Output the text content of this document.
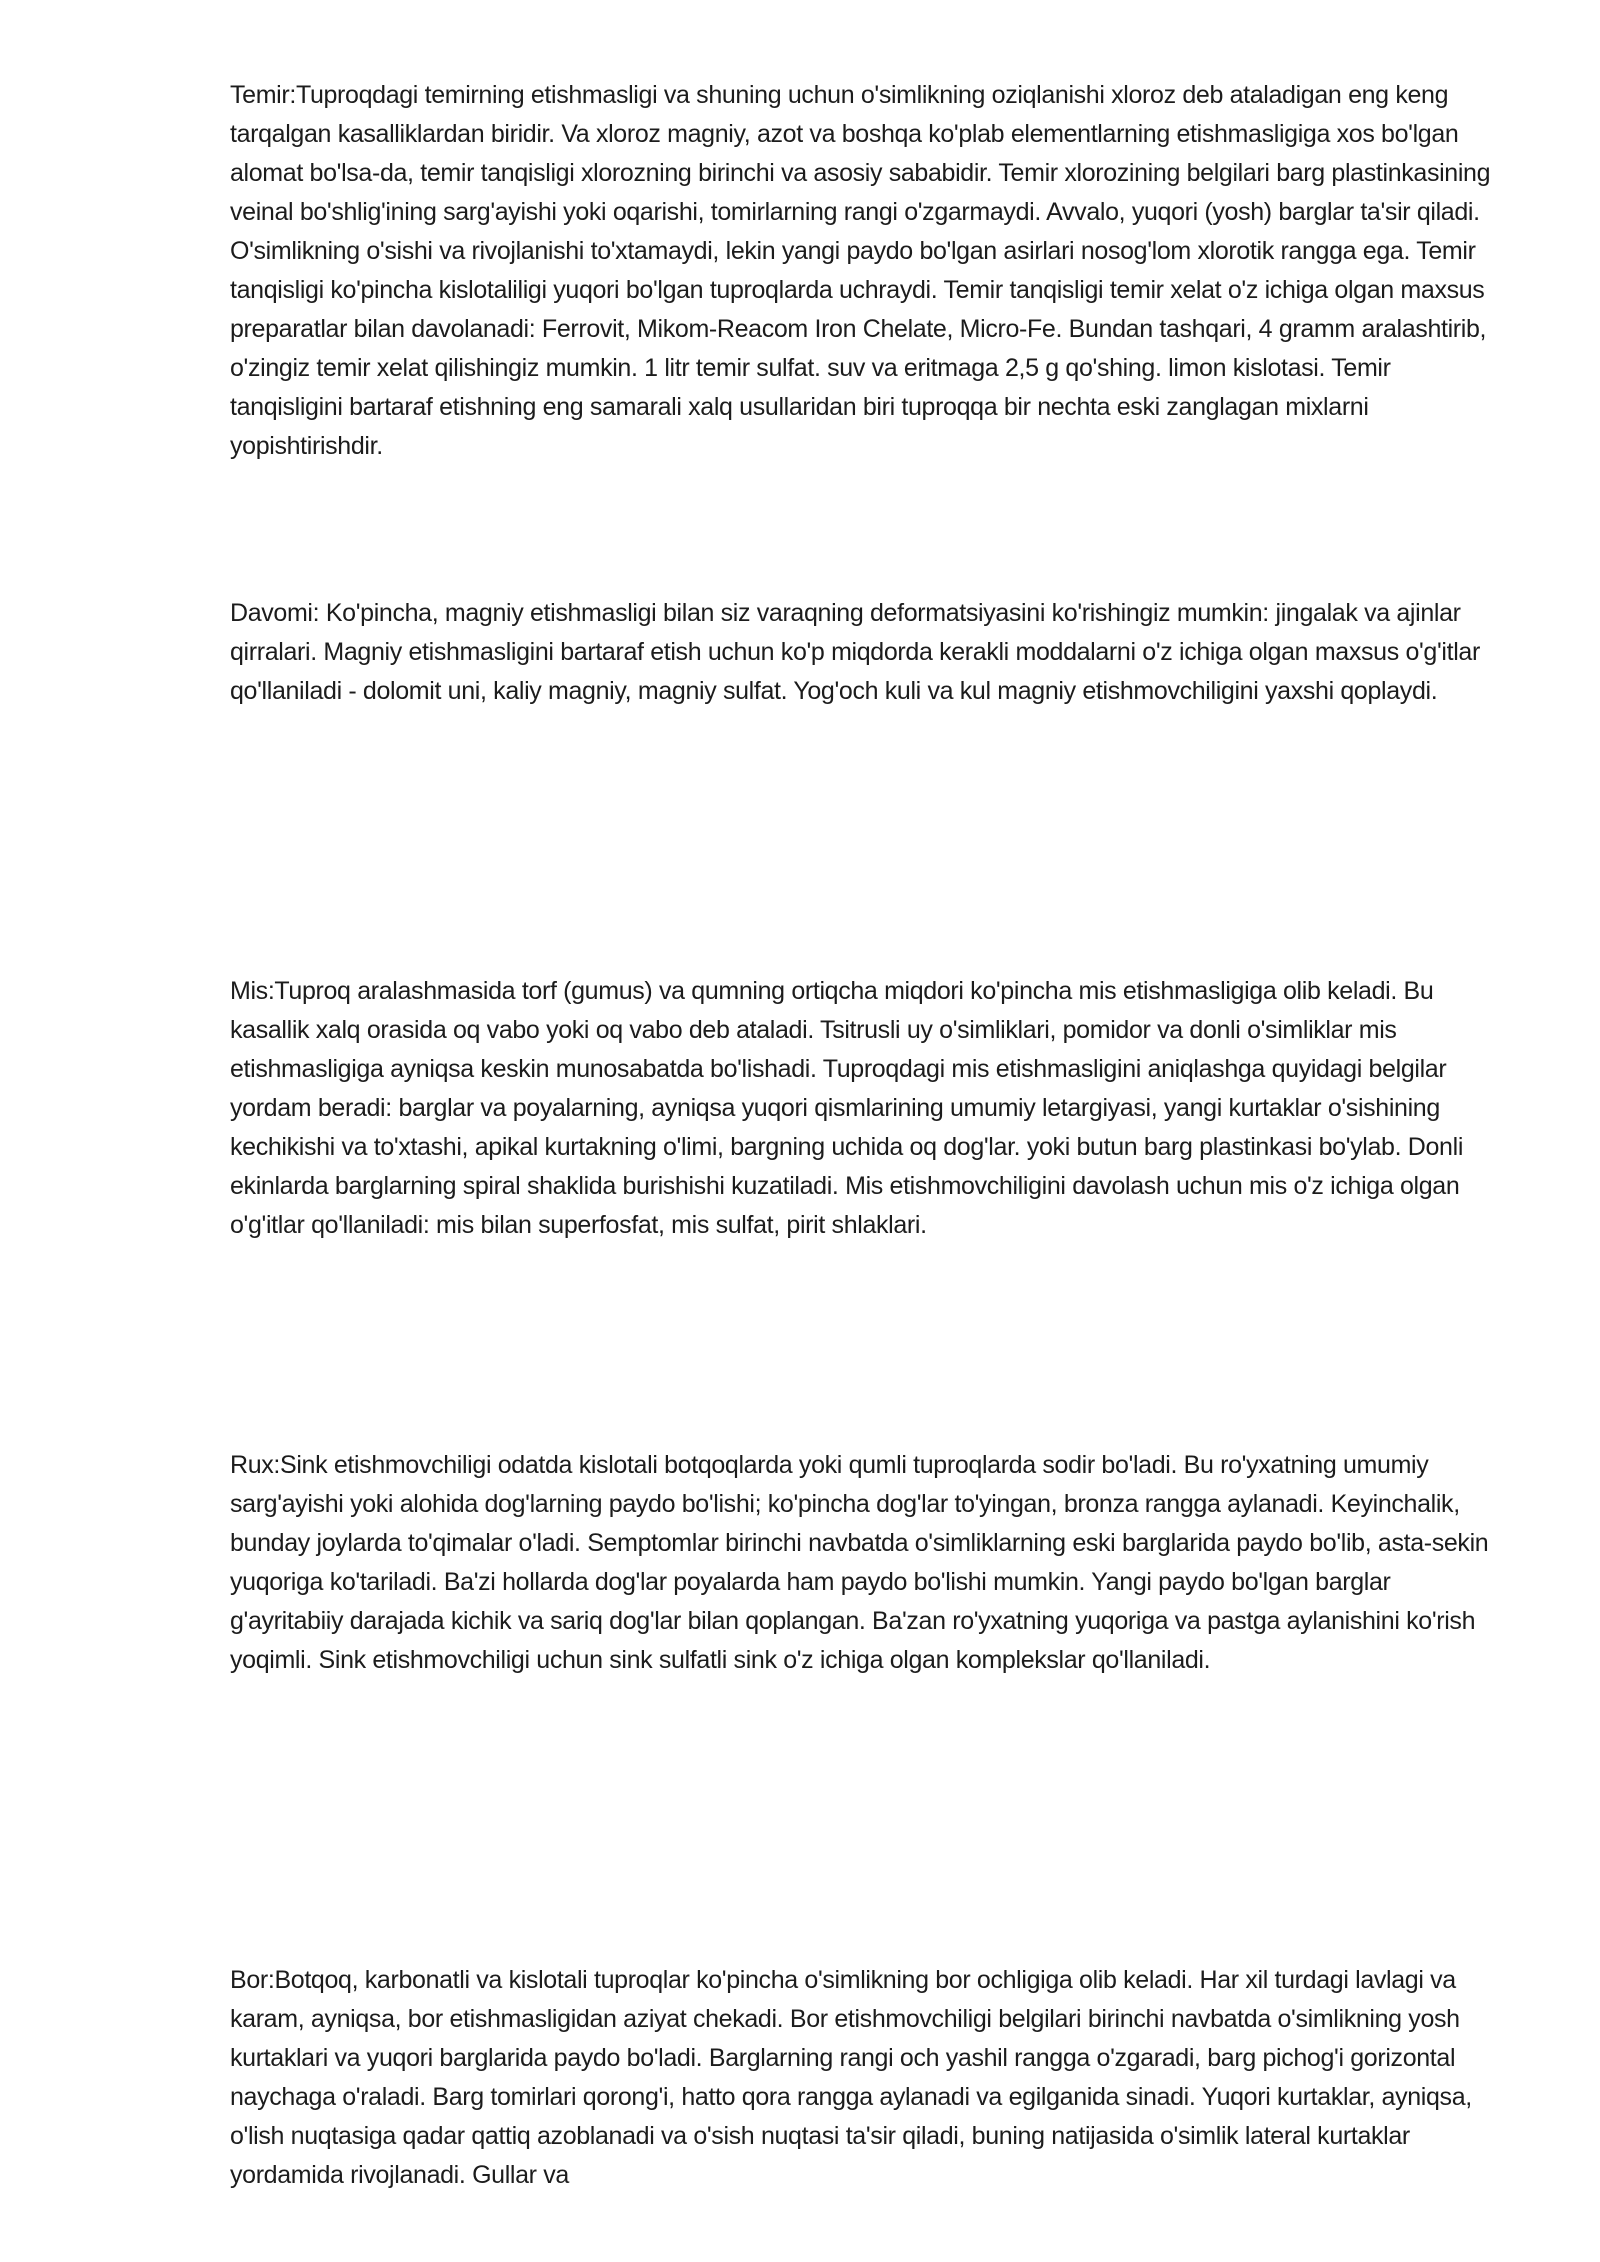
Temir:Tuproqdagi temirning etishmasligi va shuning uchun o'simlikning oziqlanishi xloroz deb ataladigan eng keng tarqalgan kasalliklardan biridir. Va xloroz magniy, azot va boshqa ko'plab elementlarning etishmasligiga xos bo'lgan alomat bo'lsa-da, temir tanqisligi xlorozning birinchi va asosiy sababidir. Temir xlorozining belgilari barg plastinkasining veinal bo'shlig'ining sarg'ayishi yoki oqarishi, tomirlarning rangi o'zgarmaydi. Avvalo, yuqori (yosh) barglar ta'sir qiladi. O'simlikning o'sishi va rivojlanishi to'xtamaydi, lekin yangi paydo bo'lgan asirlari nosog'lom xlorotik rangga ega. Temir tanqisligi ko'pincha kislotaliligi yuqori bo'lgan tuproqlarda uchraydi. Temir tanqisligi temir xelat o'z ichiga olgan maxsus preparatlar bilan davolanadi: Ferrovit, Mikom-Reacom Iron Chelate, Micro-Fe. Bundan tashqari, 4 gramm aralashtirib, o'zingiz temir xelat qilishingiz mumkin. 1 litr temir sulfat. suv va eritmaga 2,5 g qo'shing. limon kislotasi. Temir tanqisligini bartaraf etishning eng samarali xalq usullaridan biri tuproqqa bir nechta eski zanglagan mixlarni yopishtirishdir.

Davomi: Ko'pincha, magniy etishmasligi bilan siz varaqning deformatsiyasini ko'rishingiz mumkin: jingalak va ajinlar qirralari. Magniy etishmasligini bartaraf etish uchun ko'p miqdorda kerakli moddalarni o'z ichiga olgan maxsus o'g'itlar qo'llaniladi - dolomit uni, kaliy magniy, magniy sulfat. Yog'och kuli va kul magniy etishmovchiligini yaxshi qoplaydi.

Mis:Tuproq aralashmasida torf (gumus) va qumning ortiqcha miqdori ko'pincha mis etishmasligiga olib keladi. Bu kasallik xalq orasida oq vabo yoki oq vabo deb ataladi. Tsitrusli uy o'simliklari, pomidor va donli o'simliklar mis etishmasligiga ayniqsa keskin munosabatda bo'lishadi. Tuproqdagi mis etishmasligini aniqlashga quyidagi belgilar yordam beradi: barglar va poyalarning, ayniqsa yuqori qismlarining umumiy letargiyasi, yangi kurtaklar o'sishining kechikishi va to'xtashi, apikal kurtakning o'limi, bargning uchida oq dog'lar. yoki butun barg plastinkasi bo'ylab. Donli ekinlarda barglarning spiral shaklida burishishi kuzatiladi. Mis etishmovchiligini davolash uchun mis o'z ichiga olgan o'g'itlar qo'llaniladi: mis bilan superfosfat, mis sulfat, pirit shlaklari.

Rux:Sink etishmovchiligi odatda kislotali botqoqlarda yoki qumli tuproqlarda sodir bo'ladi. Bu ro'yxatning umumiy sarg'ayishi yoki alohida dog'larning paydo bo'lishi; ko'pincha dog'lar to'yingan, bronza rangga aylanadi. Keyinchalik, bunday joylarda to'qimalar o'ladi. Semptomlar birinchi navbatda o'simliklarning eski barglarida paydo bo'lib, asta-sekin yuqoriga ko'tariladi. Ba'zi hollarda dog'lar poyalarda ham paydo bo'lishi mumkin. Yangi paydo bo'lgan barglar g'ayritabiiy darajada kichik va sariq dog'lar bilan qoplangan. Ba'zan ro'yxatning yuqoriga va pastga aylanishini ko'rish yoqimli. Sink etishmovchiligi uchun sink sulfatli sink o'z ichiga olgan komplekslar qo'llaniladi.

Bor:Botqoq, karbonatli va kislotali tuproqlar ko'pincha o'simlikning bor ochligiga olib keladi. Har xil turdagi lavlagi va karam, ayniqsa, bor etishmasligidan aziyat chekadi. Bor etishmovchiligi belgilari birinchi navbatda o'simlikning yosh kurtaklari va yuqori barglarida paydo bo'ladi. Barglarning rangi och yashil rangga o'zgaradi, barg pichog'i gorizontal naychaga o'raladi. Barg tomirlari qorong'i, hatto qora rangga aylanadi va egilganida sinadi. Yuqori kurtaklar, ayniqsa, o'lish nuqtasiga qadar qattiq azoblanadi va o'sish nuqtasi ta'sir qiladi, buning natijasida o'simlik lateral kurtaklar yordamida rivojlanadi. Gullar va
